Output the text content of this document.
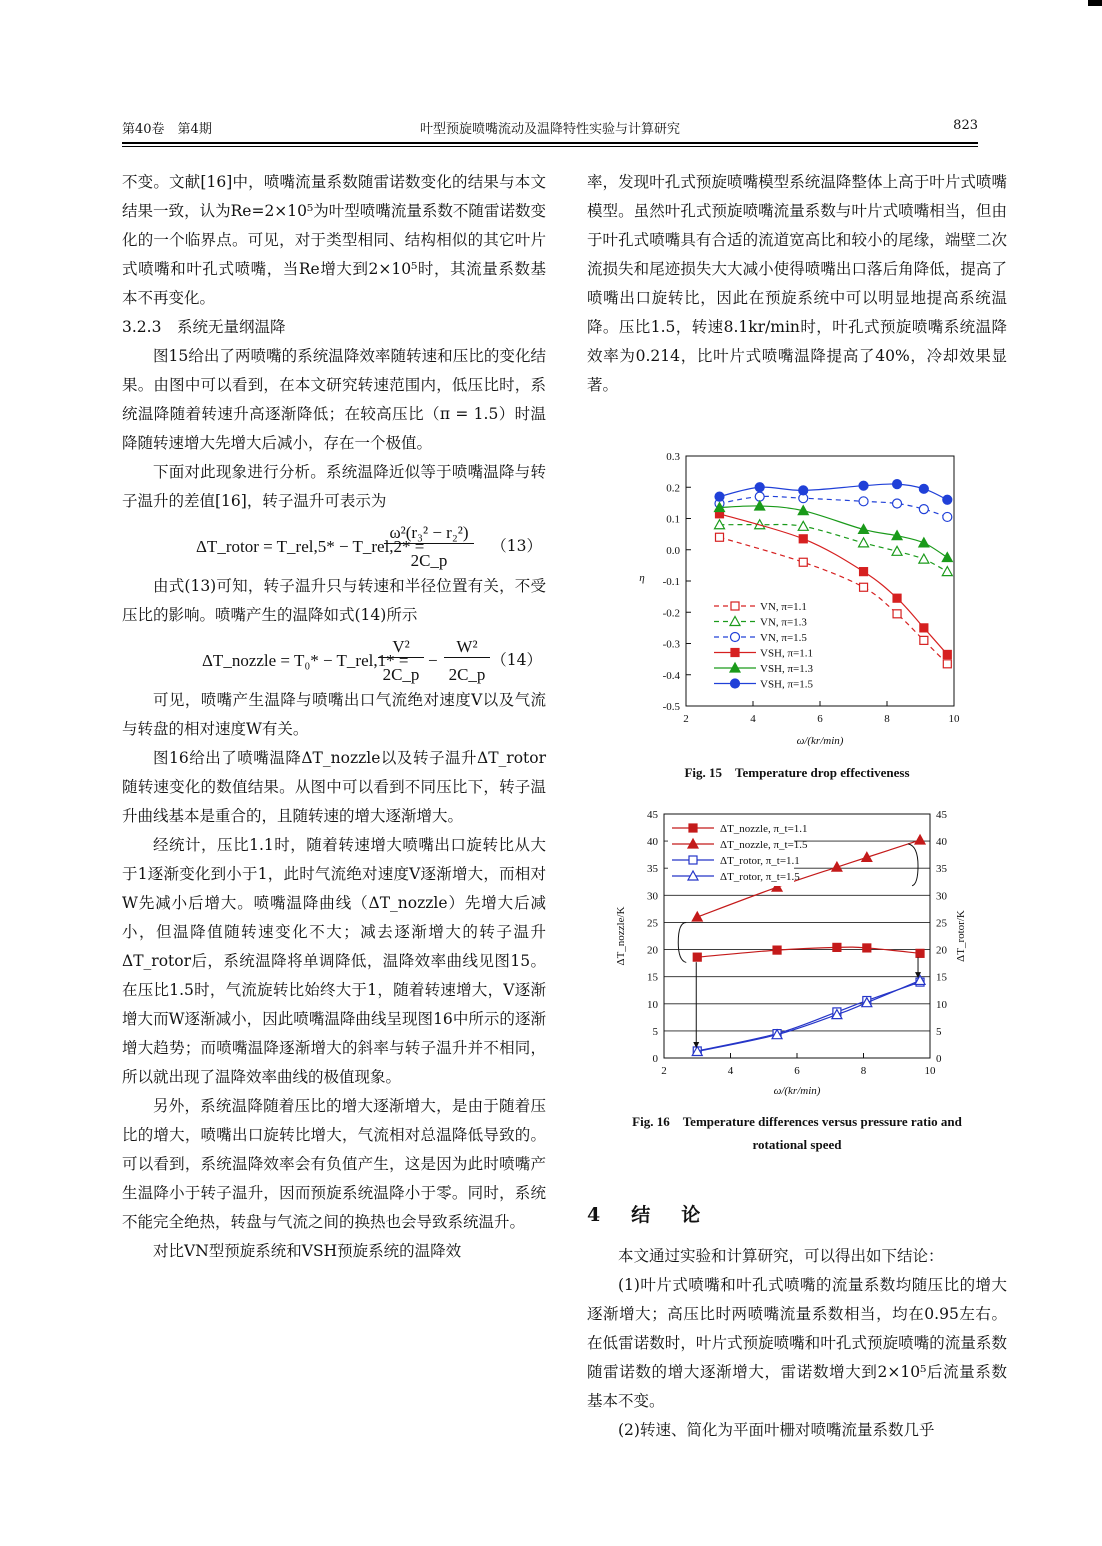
第40卷　第4期	叶型预旋喷嘴流动及温降特性实验与计算研究	823

不变。文献[16]中，喷嘴流量系数随雷诺数变化的结果与本文结果一致，认为Re=2×10⁵为叶型喷嘴流量系数不随雷诺数变化的一个临界点。可见，对于类型相同、结构相似的其它叶片式喷嘴和叶孔式喷嘴，当Re增大到2×10⁵时，其流量系数基本不再变化。

3.2.3　系统无量纲温降

图15给出了两喷嘴的系统温降效率随转速和压比的变化结果。由图中可以看到，在本文研究转速范围内，低压比时，系统温降随着转速升高逐渐降低；在较高压比（π = 1.5）时温降随转速增大先增大后减小，存在一个极值。

下面对此现象进行分析。系统温降近似等于喷嘴温降与转子温升的差值[16]，转子温升可表示为

ΔT_rotor = T_rel,5* − T_rel,2* =
ω²(r₃² − r₂²)
2C_p
（13）

由式(13)可知，转子温升只与转速和半径位置有关，不受压比的影响。喷嘴产生的温降如式(14)所示

ΔT_nozzle = T₀* − T_rel,1* =
V²
2C_p
−
W²
2C_p
（14）

可见，喷嘴产生温降与喷嘴出口气流绝对速度V以及气流与转盘的相对速度W有关。

图16给出了喷嘴温降ΔT_nozzle以及转子温升ΔT_rotor随转速变化的数值结果。从图中可以看到不同压比下，转子温升曲线基本是重合的，且随转速的增大逐渐增大。

经统计，压比1.1时，随着转速增大喷嘴出口旋转比从大于1逐渐变化到小于1，此时气流绝对速度V逐渐增大，而相对W先减小后增大。喷嘴温降曲线（ΔT_nozzle）先增大后减小，但温降值随转速变化不大；减去逐渐增大的转子温升ΔT_rotor后，系统温降将单调降低，温降效率曲线见图15。在压比1.5时，气流旋转比始终大于1，随着转速增大，V逐渐增大而W逐渐减小，因此喷嘴温降曲线呈现图16中所示的逐渐增大趋势；而喷嘴温降逐渐增大的斜率与转子温升并不相同，所以就出现了温降效率曲线的极值现象。

另外，系统温降随着压比的增大逐渐增大，是由于随着压比的增大，喷嘴出口旋转比增大，气流相对总温降低导致的。可以看到，系统温降效率会有负值产生，这是因为此时喷嘴产生温降小于转子温升，因而预旋系统温降小于零。同时，系统不能完全绝热，转盘与气流之间的换热也会导致系统温升。

对比VN型预旋系统和VSH预旋系统的温降效

率，发现叶孔式预旋喷嘴模型系统温降整体上高于叶片式喷嘴模型。虽然叶孔式预旋喷嘴流量系数与叶片式喷嘴相当，但由于叶孔式喷嘴具有合适的流道宽高比和较小的尾缘，端壁二次流损失和尾迹损失大大减小使得喷嘴出口落后角降低，提高了喷嘴出口旋转比，因此在预旋系统中可以明显地提高系统温降。压比1.5，转速8.1kr/min时，叶孔式预旋喷嘴系统温降效率为0.214，比叶片式喷嘴温降提高了40%，冷却效果显著。

2	4	6	8	10
0.3
0.2
0.1
0.0
-0.1
-0.2
-0.3
-0.4
-0.5
ω/(kr/min)
η
VN, π=1.1
VN, π=1.3
VN, π=1.5
VSH, π=1.1
VSH, π=1.3
VSH, π=1.5
Fig. 15　Temperature drop effectiveness
2	4	6	8	10
0	0
5	5
10	10
15	15
20	20
25	25
30	30
35	35
40	40
45	45
ω/(kr/min)
ΔT_nozzle/K	ΔT_rotor/K
ΔT_nozzle, π_t=1.1
ΔT_nozzle, π_t=1.5
ΔT_rotor, π_t=1.1
ΔT_rotor, π_t=1.5
Fig. 16　Temperature differences versus pressure ratio and
rotational speed
4　结　论

本文通过实验和计算研究，可以得出如下结论：

(1)叶片式喷嘴和叶孔式喷嘴的流量系数均随压比的增大逐渐增大；高压比时两喷嘴流量系数相当，均在0.95左右。在低雷诺数时，叶片式预旋喷嘴和叶孔式预旋喷嘴的流量系数随雷诺数的增大逐渐增大，雷诺数增大到2×10⁵后流量系数基本不变。

(2)转速、简化为平面叶栅对喷嘴流量系数几乎
